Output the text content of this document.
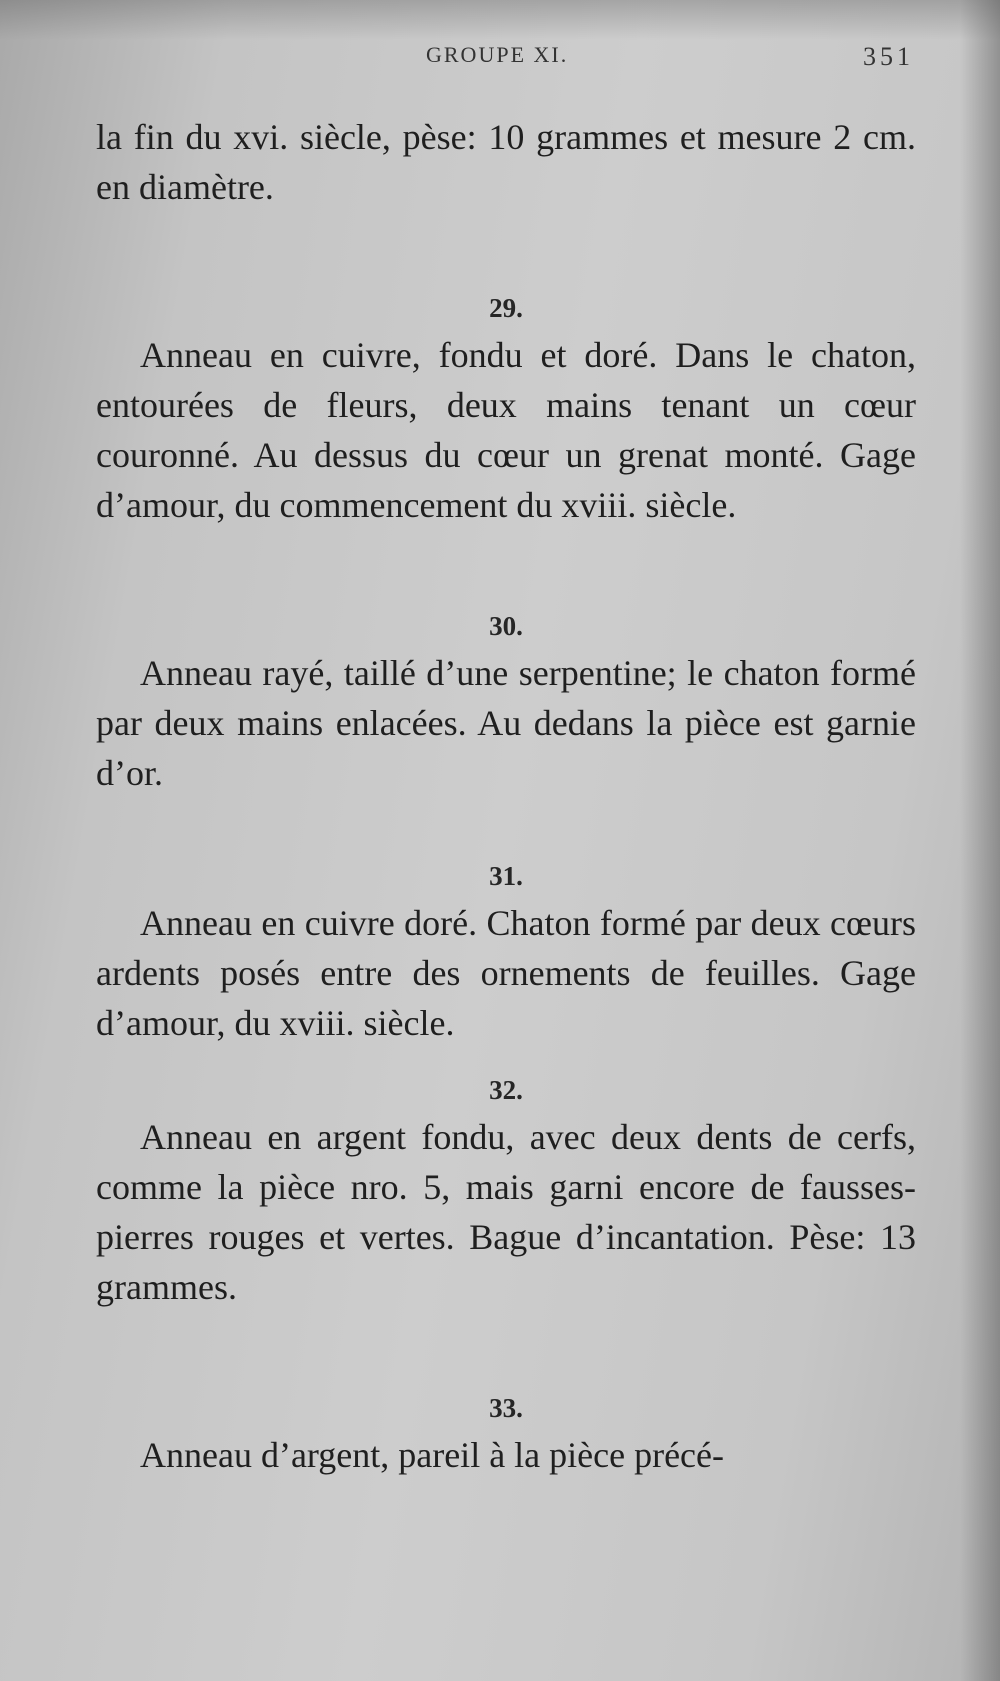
GROUPE XI.	351

la fin du xvi. siècle, pèse: 10 grammes et mesure 2 cm. en diamètre.

29.

Anneau en cuivre, fondu et doré. Dans le chaton, entourées de fleurs, deux mains tenant un cœur couronné. Au dessus du cœur un grenat monté. Gage d’amour, du commencement du xviii. siècle.

30.

Anneau rayé, taillé d’une serpentine; le chaton formé par deux mains enlacées. Au dedans la pièce est garnie d’or.

31.

Anneau en cuivre doré. Chaton formé par deux cœurs ardents posés entre des ornements de feuilles. Gage d’amour, du xviii. siècle.

32.

Anneau en argent fondu, avec deux dents de cerfs, comme la pièce nro. 5, mais garni encore de fausses-pierres rouges et vertes. Bague d’incantation. Pèse: 13 grammes.

33.

Anneau d’argent, pareil à la pièce précé-
